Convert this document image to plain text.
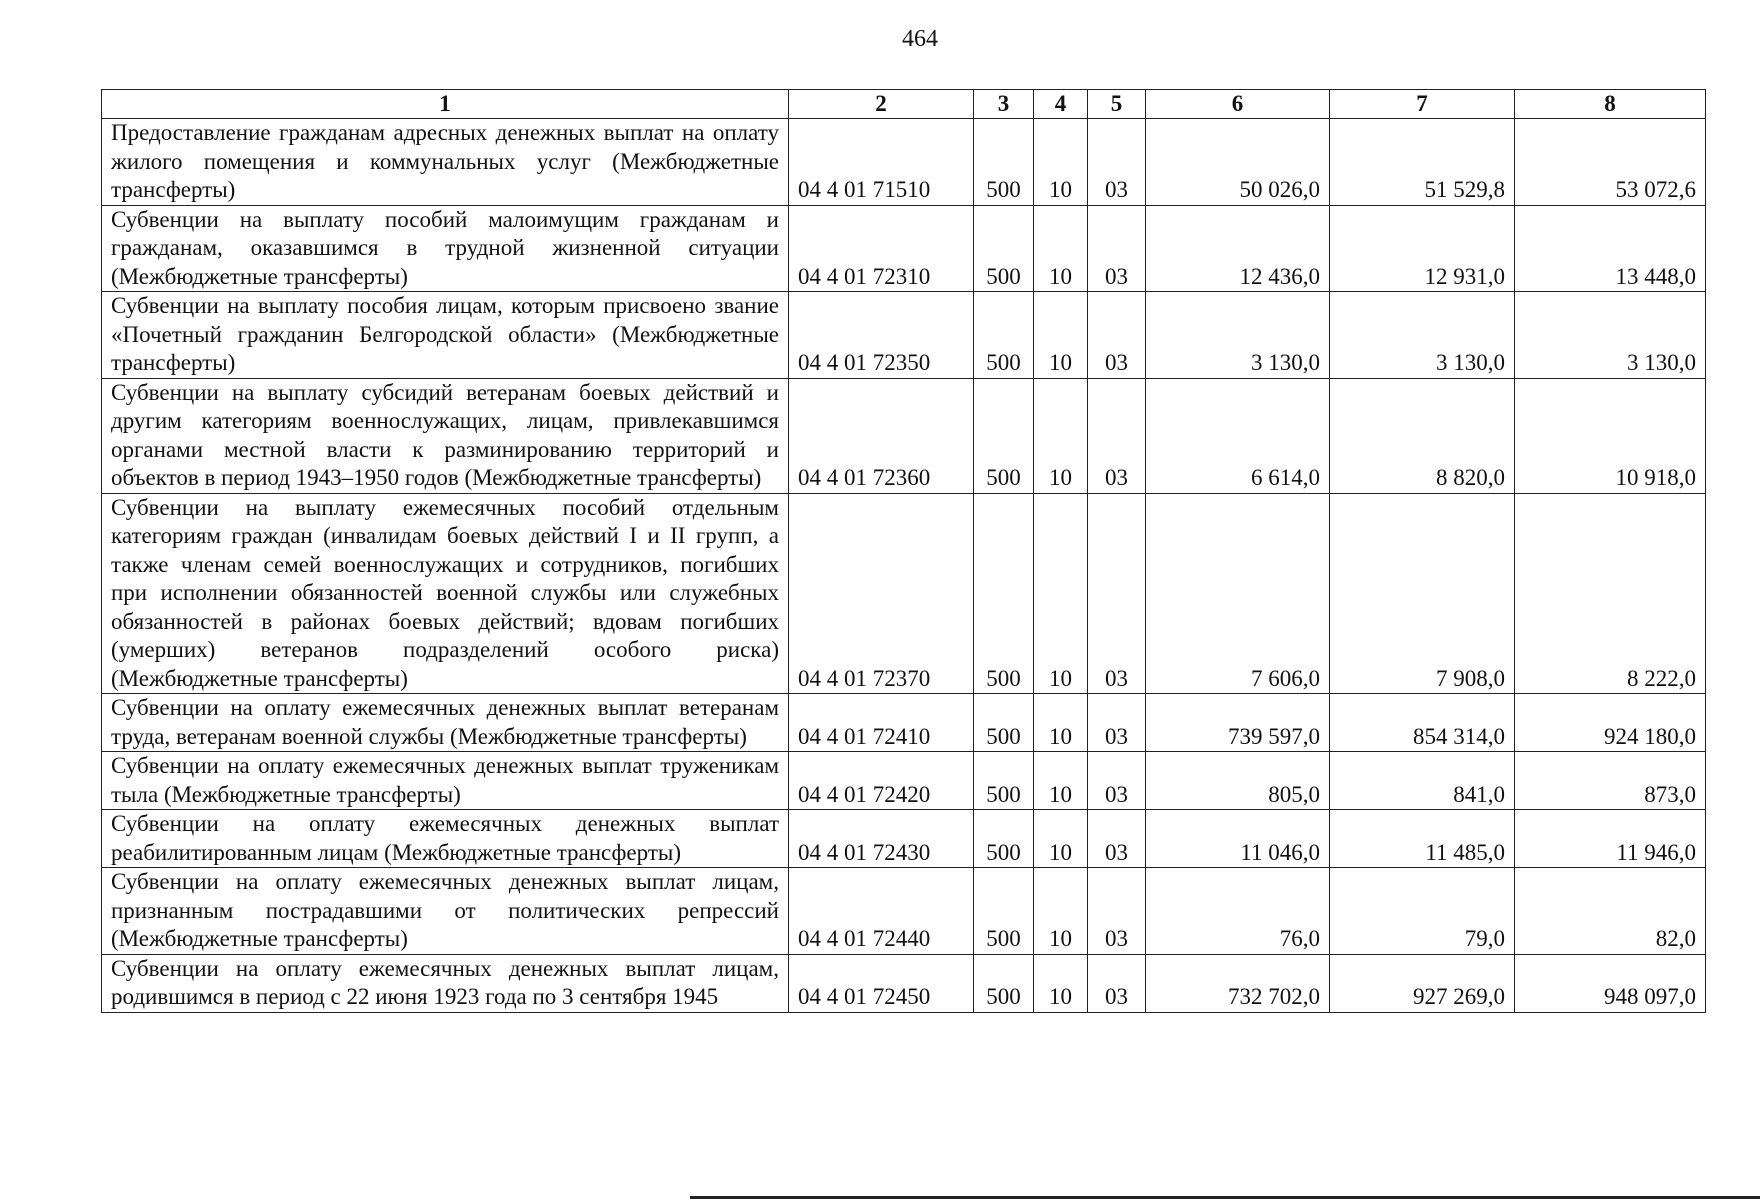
464
1	2	3	4	5	6	7	8
Предоставление гражданам адресных денежных выплат на оплату жилого помещения и коммунальных услуг (Межбюджетные трансферты)	04 4 01 71510	500	10	03	50 026,0	51 529,8	53 072,6
Субвенции на выплату пособий малоимущим гражданам и гражданам, оказавшимся в трудной жизненной ситуации (Межбюджетные трансферты)	04 4 01 72310	500	10	03	12 436,0	12 931,0	13 448,0
Субвенции на выплату пособия лицам, которым присвоено звание «Почетный гражданин Белгородской области» (Межбюджетные трансферты)	04 4 01 72350	500	10	03	3 130,0	3 130,0	3 130,0
Субвенции на выплату субсидий ветеранам боевых действий и другим категориям военнослужащих, лицам, привлекавшимся органами местной власти к разминированию территорий и объектов в период 1943–1950 годов (Межбюджетные трансферты)	04 4 01 72360	500	10	03	6 614,0	8 820,0	10 918,0
Субвенции на выплату ежемесячных пособий отдельным категориям граждан (инвалидам боевых действий I и II групп, а также членам семей военнослужащих и сотрудников, погибших при исполнении обязанностей военной службы или служебных обязанностей в районах боевых действий; вдовам погибших (умерших) ветеранов подразделений особого риска) (Межбюджетные трансферты)	04 4 01 72370	500	10	03	7 606,0	7 908,0	8 222,0
Субвенции на оплату ежемесячных денежных выплат ветеранам труда, ветеранам военной службы (Межбюджетные трансферты)	04 4 01 72410	500	10	03	739 597,0	854 314,0	924 180,0
Субвенции на оплату ежемесячных денежных выплат труженикам тыла (Межбюджетные трансферты)	04 4 01 72420	500	10	03	805,0	841,0	873,0
Субвенции на оплату ежемесячных денежных выплат реабилитированным лицам (Межбюджетные трансферты)	04 4 01 72430	500	10	03	11 046,0	11 485,0	11 946,0
Субвенции на оплату ежемесячных денежных выплат лицам, признанным пострадавшими от политических репрессий (Межбюджетные трансферты)	04 4 01 72440	500	10	03	76,0	79,0	82,0
Субвенции на оплату ежемесячных денежных выплат лицам, родившимся в период с 22 июня 1923 года по 3 сентября 1945	04 4 01 72450	500	10	03	732 702,0	927 269,0	948 097,0
